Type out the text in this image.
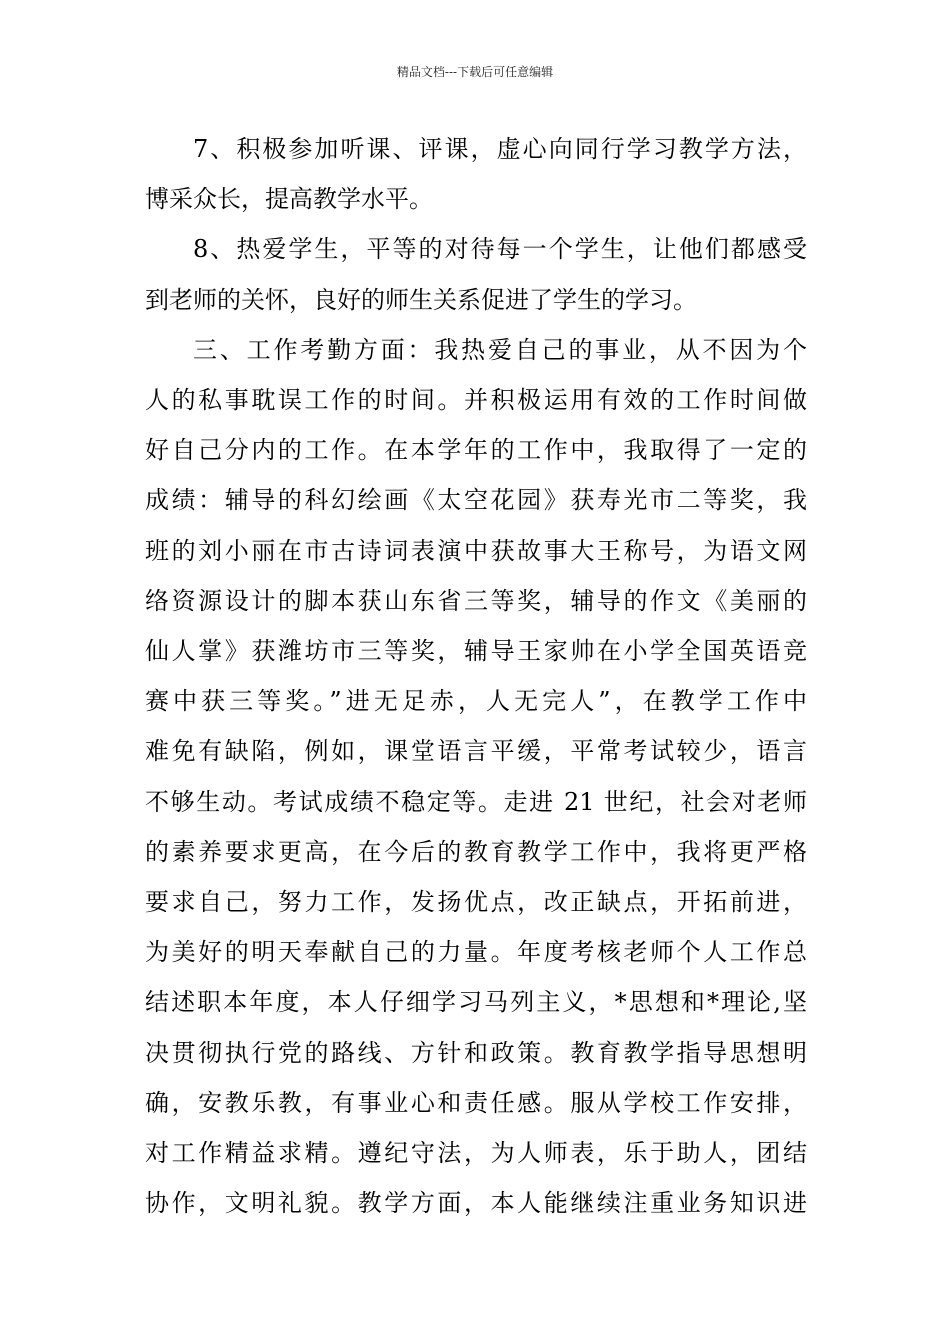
精品文档---下载后可任意编辑
7、积极参加听课、评课，虚心向同行学习教学方法，
博采众长，提高教学水平。
8、热爱学生，平等的对待每一个学生，让他们都感受
到老师的关怀，良好的师生关系促进了学生的学习。
三、工作考勤方面：我热爱自己的事业，从不因为个
人的私事耽误工作的时间。并积极运用有效的工作时间做
好自己分内的工作。在本学年的工作中，我取得了一定的
成绩：辅导的科幻绘画《太空花园》获寿光市二等奖，我
班的刘小丽在市古诗词表演中获故事大王称号，为语文网
络资源设计的脚本获山东省三等奖，辅导的作文《美丽的
仙人掌》获潍坊市三等奖，辅导王家帅在小学全国英语竞
赛中获三等奖。”进无足赤，人无完人”，在教学工作中
难免有缺陷，例如，课堂语言平缓，平常考试较少，语言
不够生动。考试成绩不稳定等。走进 21 世纪，社会对老师
的素养要求更高，在今后的教育教学工作中，我将更严格
要求自己，努力工作，发扬优点，改正缺点，开拓前进，
为美好的明天奉献自己的力量。年度考核老师个人工作总
结述职本年度，本人仔细学习马列主义，*思想和*理论,坚
决贯彻执行党的路线、方针和政策。教育教学指导思想明
确，安教乐教，有事业心和责任感。服从学校工作安排，
对工作精益求精。遵纪守法，为人师表，乐于助人，团结
协作，文明礼貌。教学方面，本人能继续注重业务知识进
